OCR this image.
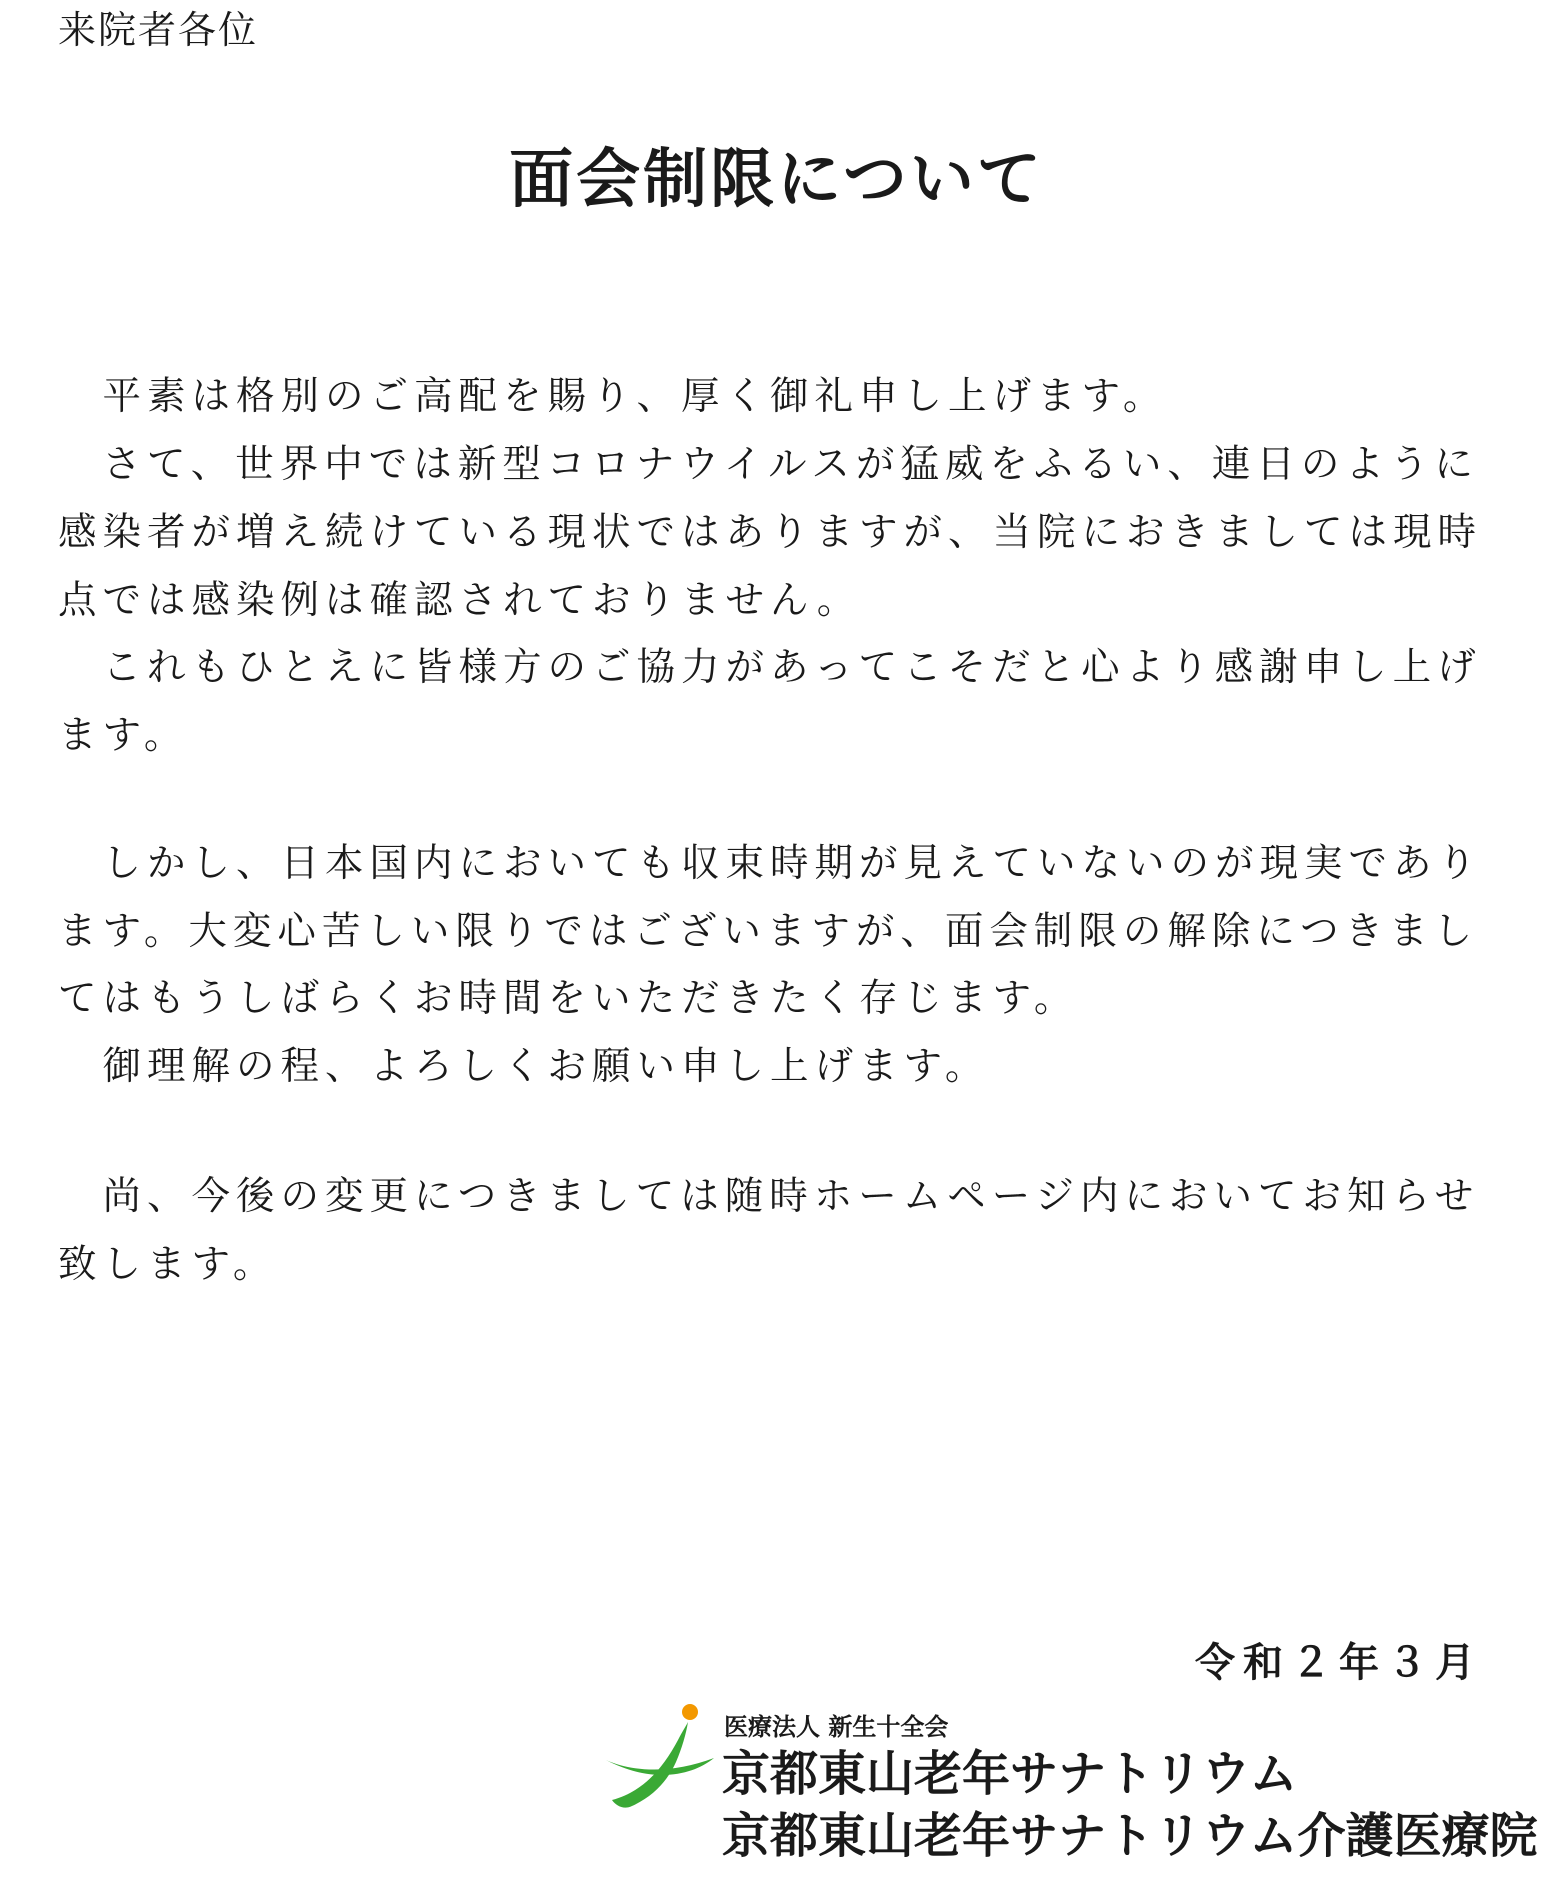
来院者各位
面会制限について
　平素は格別のご高配を賜り、厚く御礼申し上げます。
　さて、世界中では新型コロナウイルスが猛威をふるい、連日のように
感染者が増え続けている現状ではありますが、当院におきましては現時
点では感染例は確認されておりません。
　これもひとえに皆様方のご協力があってこそだと心より感謝申し上げ
ます。
　しかし、日本国内においても収束時期が見えていないのが現実であり
ます。大変心苦しい限りではございますが、面会制限の解除につきまし
てはもうしばらくお時間をいただきたく存じます。
　御理解の程、よろしくお願い申し上げます。
　尚、今後の変更につきましては随時ホームページ内においてお知らせ
致します。
令和２年３月
医療法人 新生十全会
京都東山老年サナトリウム
京都東山老年サナトリウム介護医療院
